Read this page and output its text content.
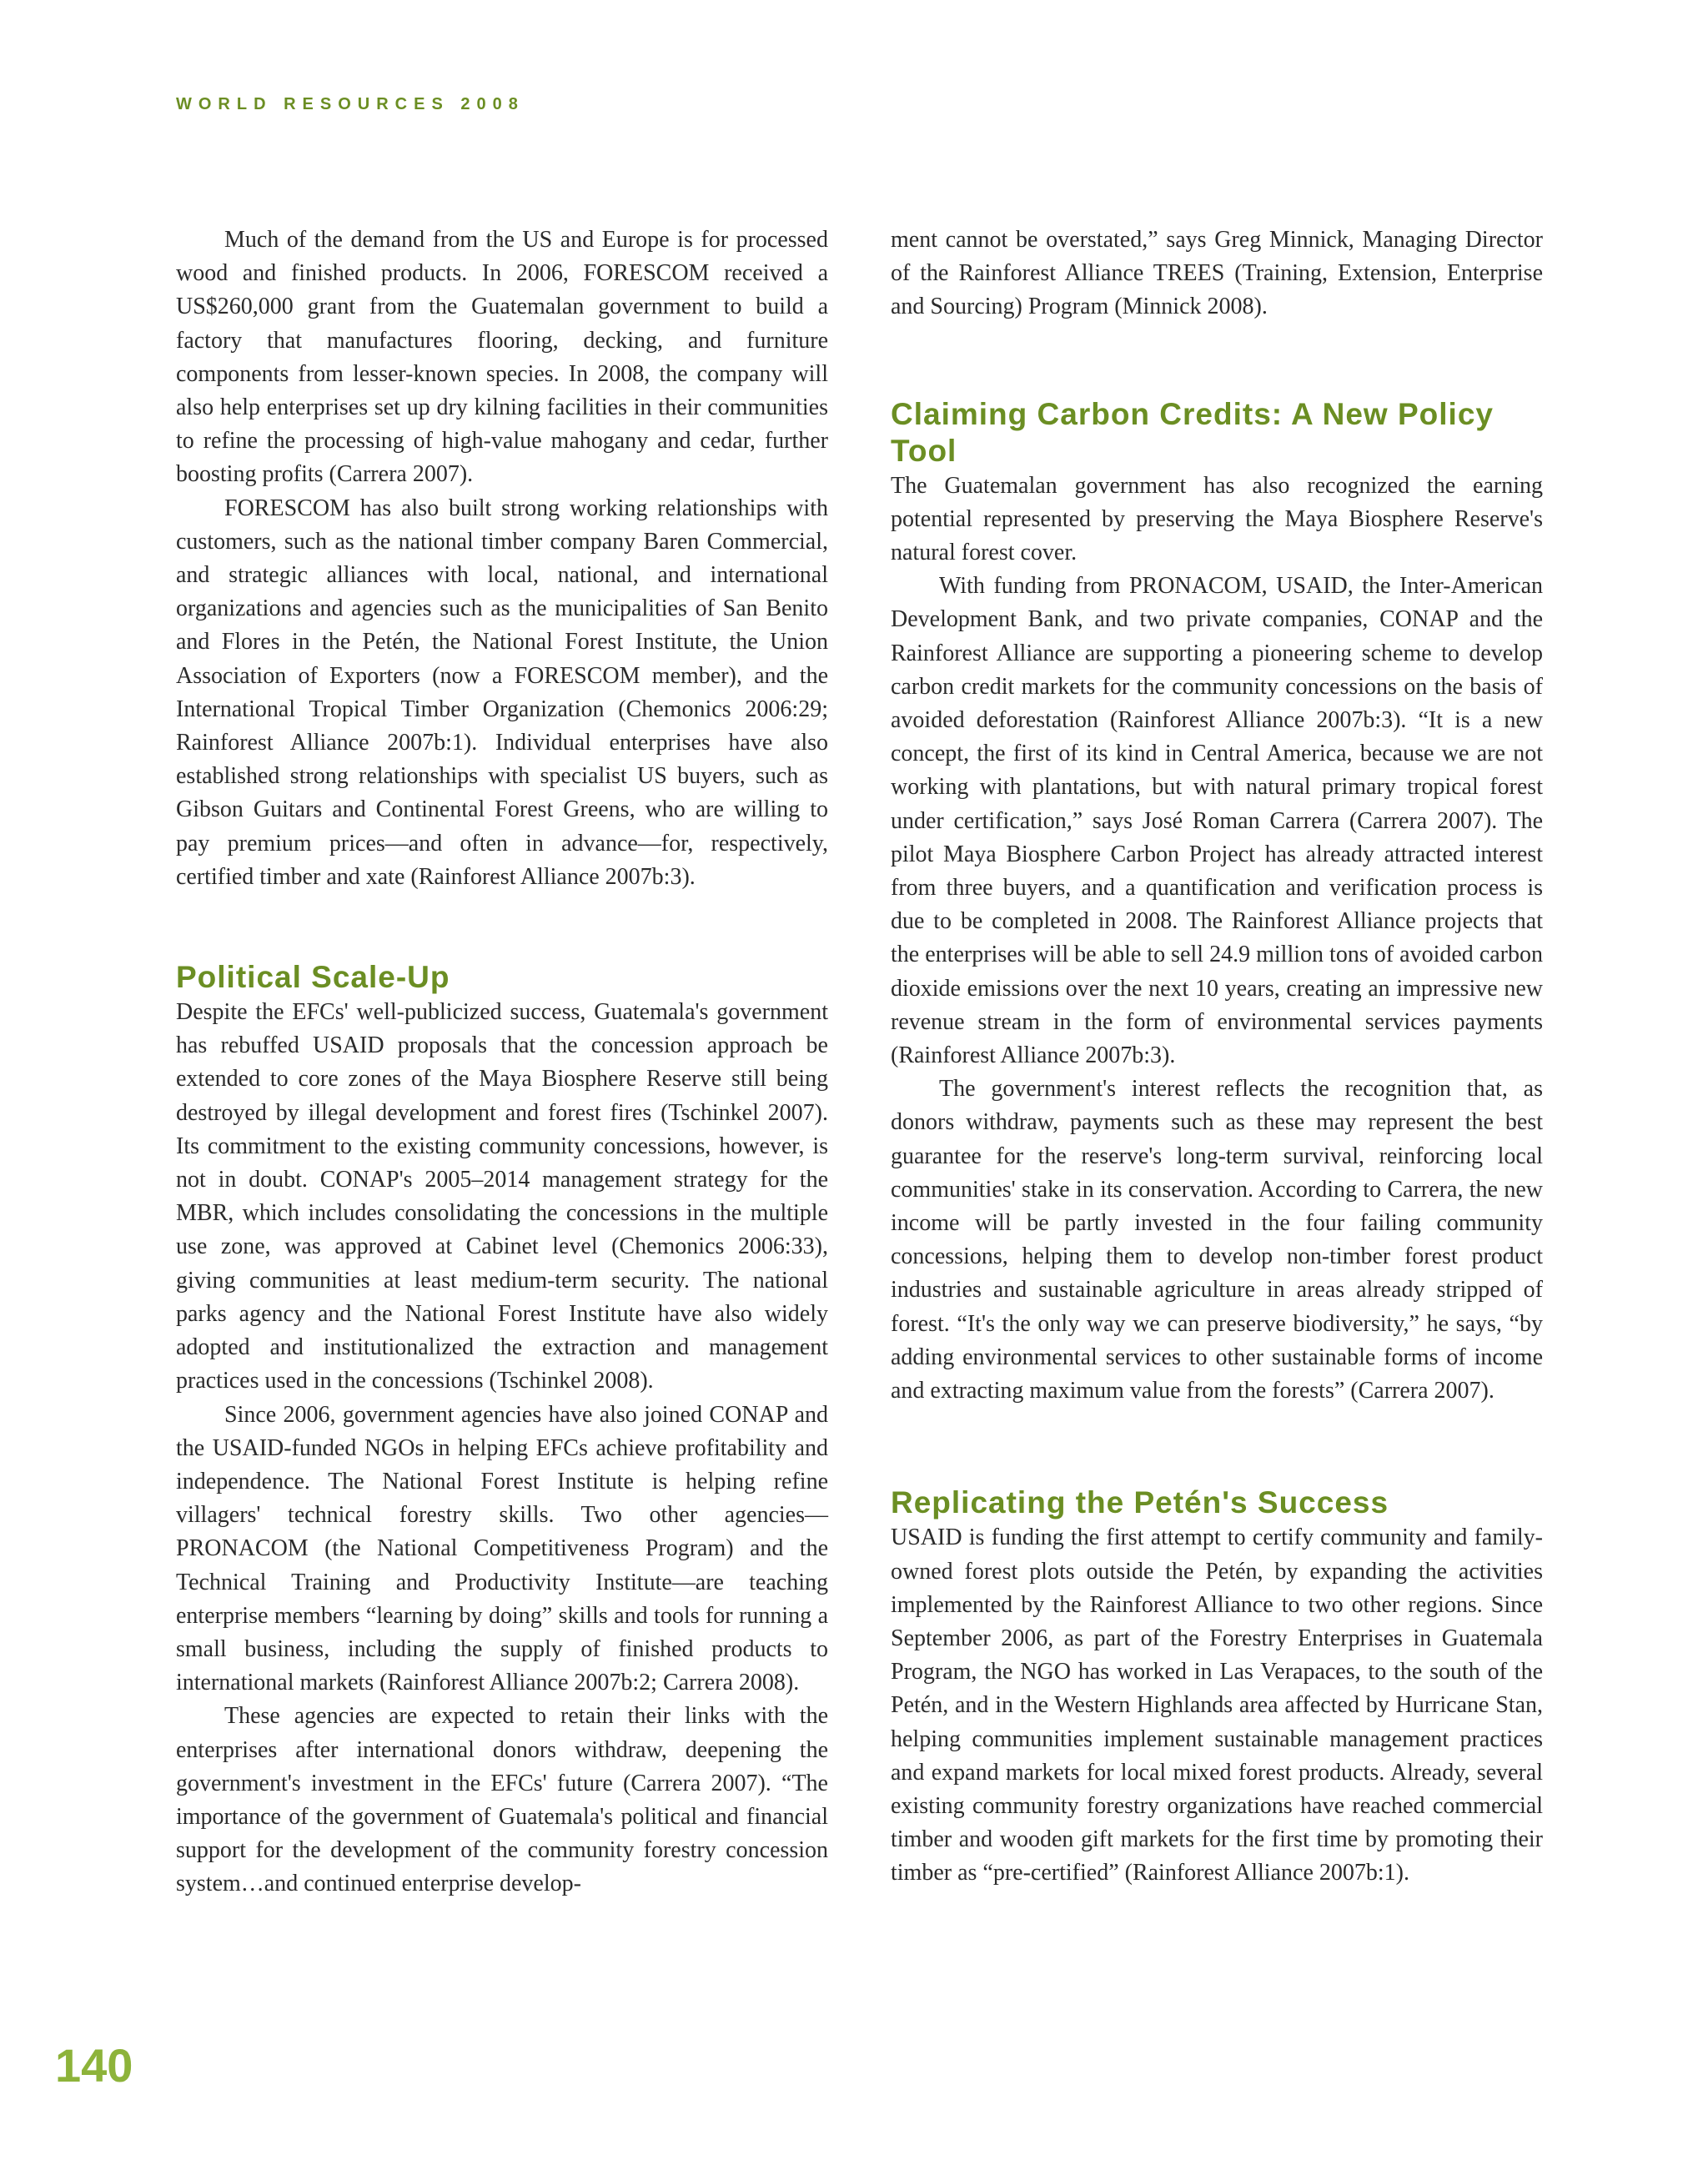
WORLD RESOURCES 2008

Much of the demand from the US and Europe is for processed wood and finished products. In 2006, FORESCOM received a US$260,000 grant from the Guatemalan government to build a factory that manufactures flooring, decking, and furniture components from lesser-known species. In 2008, the company will also help enterprises set up dry kilning facilities in their communities to refine the processing of high-value mahogany and cedar, further boosting profits (Carrera 2007).

FORESCOM has also built strong working relationships with customers, such as the national timber company Baren Commercial, and strategic alliances with local, national, and international organizations and agencies such as the municipalities of San Benito and Flores in the Petén, the National Forest Institute, the Union Association of Exporters (now a FORESCOM member), and the International Tropical Timber Organization (Chemonics 2006:29; Rainforest Alliance 2007b:1). Individual enterprises have also established strong relationships with specialist US buyers, such as Gibson Guitars and Continental Forest Greens, who are willing to pay premium prices—and often in advance—for, respectively, certified timber and xate (Rainforest Alliance 2007b:3).

Political Scale-Up

Despite the EFCs' well-publicized success, Guatemala's government has rebuffed USAID proposals that the concession approach be extended to core zones of the Maya Biosphere Reserve still being destroyed by illegal development and forest fires (Tschinkel 2007). Its commitment to the existing community concessions, however, is not in doubt. CONAP's 2005–2014 management strategy for the MBR, which includes consolidating the concessions in the multiple use zone, was approved at Cabinet level (Chemonics 2006:33), giving communities at least medium-term security. The national parks agency and the National Forest Institute have also widely adopted and institutionalized the extraction and management practices used in the concessions (Tschinkel 2008).

Since 2006, government agencies have also joined CONAP and the USAID-funded NGOs in helping EFCs achieve profitability and independence. The National Forest Institute is helping refine villagers' technical forestry skills. Two other agencies—PRONACOM (the National Competitiveness Program) and the Technical Training and Productivity Institute—are teaching enterprise members “learning by doing” skills and tools for running a small business, including the supply of finished products to international markets (Rainforest Alliance 2007b:2; Carrera 2008).

These agencies are expected to retain their links with the enterprises after international donors withdraw, deepening the government's investment in the EFCs' future (Carrera 2007). “The importance of the government of Guatemala's political and financial support for the development of the community forestry concession system…and continued enterprise develop-

ment cannot be overstated,” says Greg Minnick, Managing Director of the Rainforest Alliance TREES (Training, Extension, Enterprise and Sourcing) Program (Minnick 2008).

Claiming Carbon Credits: A New Policy Tool

The Guatemalan government has also recognized the earning potential represented by preserving the Maya Biosphere Reserve's natural forest cover.

With funding from PRONACOM, USAID, the Inter-American Development Bank, and two private companies, CONAP and the Rainforest Alliance are supporting a pioneering scheme to develop carbon credit markets for the community concessions on the basis of avoided deforestation (Rainforest Alliance 2007b:3). “It is a new concept, the first of its kind in Central America, because we are not working with plantations, but with natural primary tropical forest under certification,” says José Roman Carrera (Carrera 2007). The pilot Maya Biosphere Carbon Project has already attracted interest from three buyers, and a quantification and verification process is due to be completed in 2008. The Rainforest Alliance projects that the enterprises will be able to sell 24.9 million tons of avoided carbon dioxide emissions over the next 10 years, creating an impressive new revenue stream in the form of environmental services payments (Rainforest Alliance 2007b:3).

The government's interest reflects the recognition that, as donors withdraw, payments such as these may represent the best guarantee for the reserve's long-term survival, reinforcing local communities' stake in its conservation. According to Carrera, the new income will be partly invested in the four failing community concessions, helping them to develop non-timber forest product industries and sustainable agriculture in areas already stripped of forest. “It's the only way we can preserve biodiversity,” he says, “by adding environmental services to other sustainable forms of income and extracting maximum value from the forests” (Carrera 2007).

Replicating the Petén's Success

USAID is funding the first attempt to certify community and family-owned forest plots outside the Petén, by expanding the activities implemented by the Rainforest Alliance to two other regions. Since September 2006, as part of the Forestry Enterprises in Guatemala Program, the NGO has worked in Las Verapaces, to the south of the Petén, and in the Western Highlands area affected by Hurricane Stan, helping communities implement sustainable management practices and expand markets for local mixed forest products. Already, several existing community forestry organizations have reached commercial timber and wooden gift markets for the first time by promoting their timber as “pre-certified” (Rainforest Alliance 2007b:1).

140
